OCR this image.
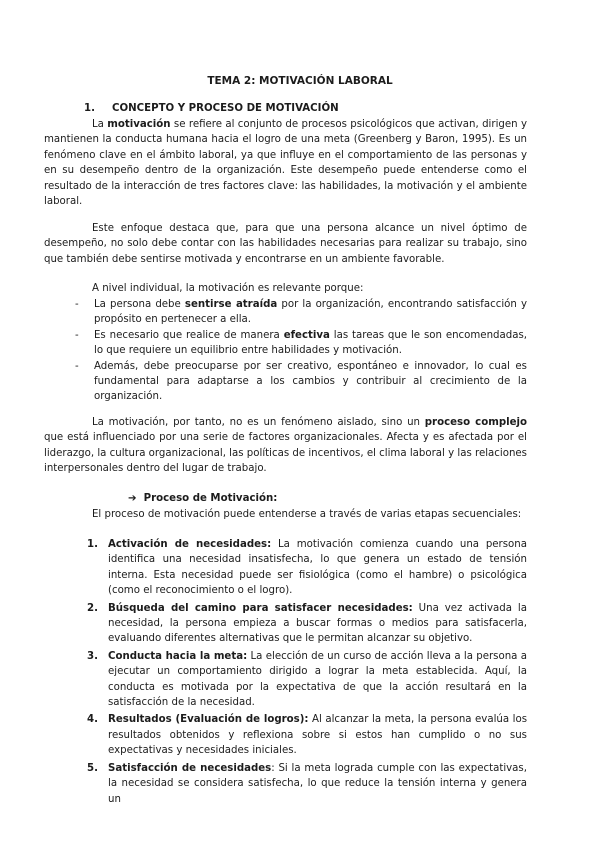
TEMA 2: MOTIVACIÓN LABORAL
1. CONCEPTO Y PROCESO DE MOTIVACIÓN

La motivación se refiere al conjunto de procesos psicológicos que activan, dirigen y mantienen la conducta humana hacia el logro de una meta (Greenberg y Baron, 1995). Es un fenómeno clave en el ámbito laboral, ya que influye en el comportamiento de las personas y en su desempeño dentro de la organización. Este desempeño puede entenderse como el resultado de la interacción de tres factores clave: las habilidades, la motivación y el ambiente laboral.

Este enfoque destaca que, para que una persona alcance un nivel óptimo de desempeño, no solo debe contar con las habilidades necesarias para realizar su trabajo, sino que también debe sentirse motivada y encontrarse en un ambiente favorable.

A nivel individual, la motivación es relevante porque:

- La persona debe sentirse atraída por la organización, encontrando satisfacción y propósito en pertenecer a ella.
- Es necesario que realice de manera efectiva las tareas que le son encomendadas, lo que requiere un equilibrio entre habilidades y motivación.
- Además, debe preocuparse por ser creativo, espontáneo e innovador, lo cual es fundamental para adaptarse a los cambios y contribuir al crecimiento de la organización.

La motivación, por tanto, no es un fenómeno aislado, sino un proceso complejo que está influenciado por una serie de factores organizacionales. Afecta y es afectada por el liderazgo, la cultura organizacional, las políticas de incentivos, el clima laboral y las relaciones interpersonales dentro del lugar de trabajo.

➔ Proceso de Motivación:

El proceso de motivación puede entenderse a través de varias etapas secuenciales:

1. Activación de necesidades: La motivación comienza cuando una persona identifica una necesidad insatisfecha, lo que genera un estado de tensión interna. Esta necesidad puede ser fisiológica (como el hambre) o psicológica (como el reconocimiento o el logro).
2. Búsqueda del camino para satisfacer necesidades: Una vez activada la necesidad, la persona empieza a buscar formas o medios para satisfacerla, evaluando diferentes alternativas que le permitan alcanzar su objetivo.
3. Conducta hacia la meta: La elección de un curso de acción lleva a la persona a ejecutar un comportamiento dirigido a lograr la meta establecida. Aquí, la conducta es motivada por la expectativa de que la acción resultará en la satisfacción de la necesidad.
4. Resultados (Evaluación de logros): Al alcanzar la meta, la persona evalúa los resultados obtenidos y reflexiona sobre si estos han cumplido o no sus expectativas y necesidades iniciales.
5. Satisfacción de necesidades: Si la meta lograda cumple con las expectativas, la necesidad se considera satisfecha, lo que reduce la tensión interna y genera un
